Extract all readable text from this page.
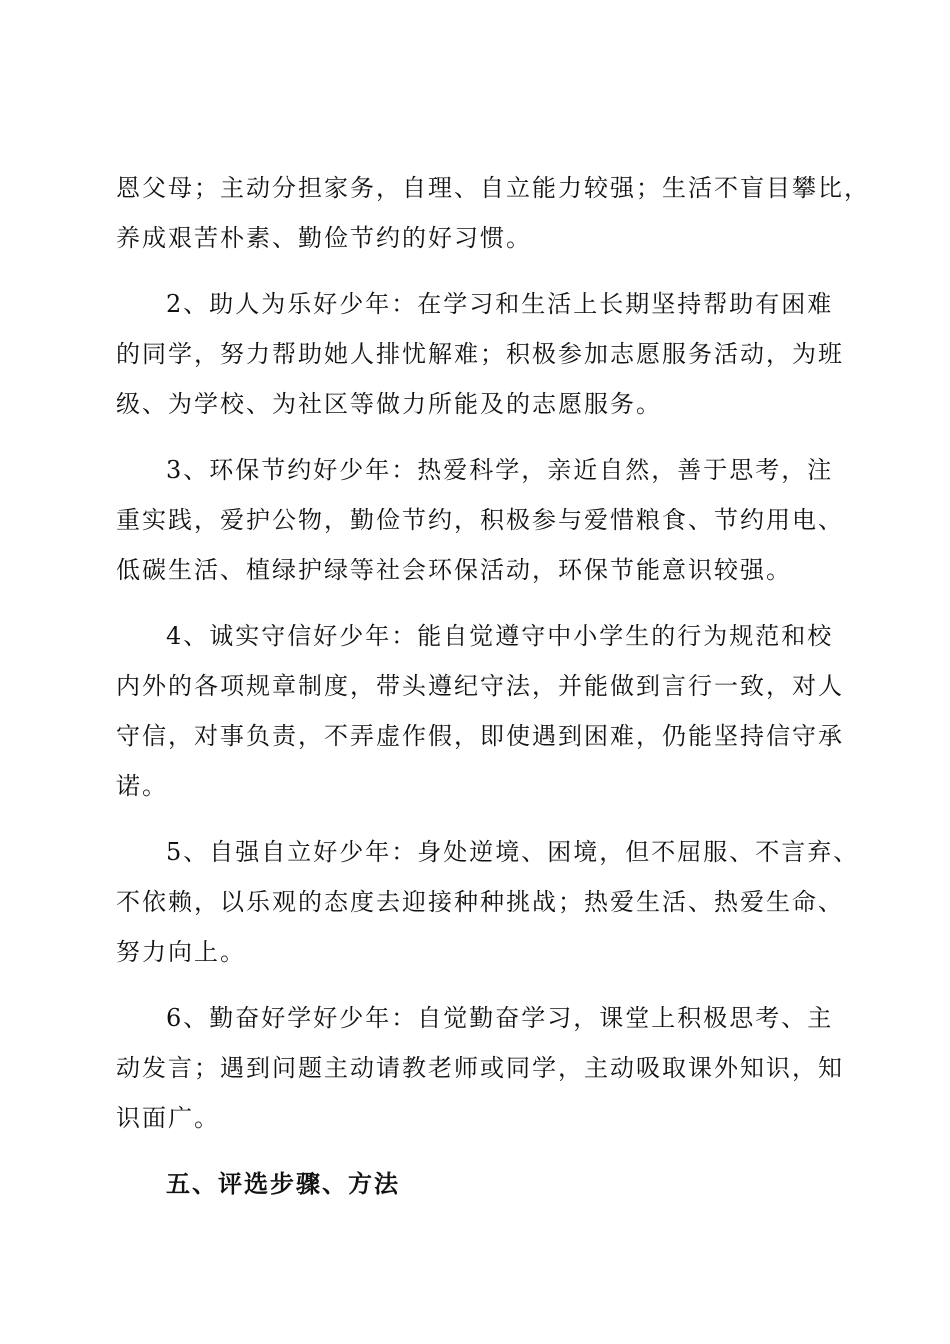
恩父母；主动分担家务，自理、自立能力较强；生活不盲目攀比，
养成艰苦朴素、勤俭节约的好习惯。
2、助人为乐好少年：在学习和生活上长期坚持帮助有困难
的同学，努力帮助她人排忧解难；积极参加志愿服务活动，为班
级、为学校、为社区等做力所能及的志愿服务。
3、环保节约好少年：热爱科学，亲近自然，善于思考，注
重实践，爱护公物，勤俭节约，积极参与爱惜粮食、节约用电、
低碳生活、植绿护绿等社会环保活动，环保节能意识较强。
4、诚实守信好少年：能自觉遵守中小学生的行为规范和校
内外的各项规章制度，带头遵纪守法，并能做到言行一致，对人
守信，对事负责，不弄虚作假，即使遇到困难，仍能坚持信守承
诺。
5、自强自立好少年：身处逆境、困境，但不屈服、不言弃、
不依赖，以乐观的态度去迎接种种挑战；热爱生活、热爱生命、
努力向上。
6、勤奋好学好少年：自觉勤奋学习，课堂上积极思考、主
动发言；遇到问题主动请教老师或同学，主动吸取课外知识，知
识面广。
五、评选步骤、方法
